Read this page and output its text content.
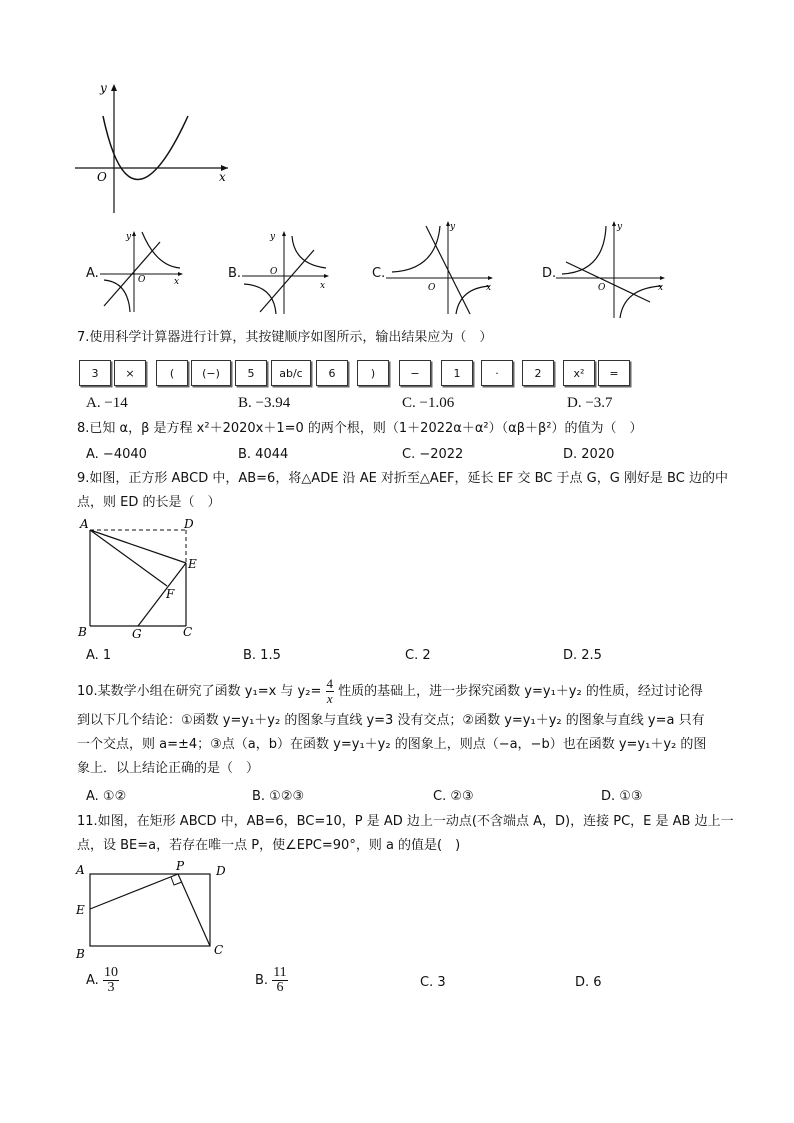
y
x
O
A.
y
x
O	B.
y
x
O	C.
y
x
O
D.
y
x
O
7.使用科学计算器进行计算，其按键顺序如图所示，输出结果应为（　）
3	×	(	(−)	5	ab/c	6	)	−	1	·	2	x²	=
A. −14	B. −3.94	C. −1.06	D. −3.7
8.已知 α，β 是方程 x²＋2020x＋1=0 的两个根，则（1＋2022α＋α²）（αβ＋β²）的值为（　）
A. −4040	B. 4044	C. −2022	D. 2020
9.如图，正方形 ABCD 中，AB=6，将△ADE 沿 AE 对折至△AEF，延长 EF 交 BC 于点 G，G 刚好是 BC 边的中
点，则 ED 的长是（　）
A	D
E
F
B	G	C
A. 1	B. 1.5	C. 2	D. 2.5
10.某数学小组在研究了函数 y₁=x 与 $y_2= \frac{4}{x}$ 性质的基础上，进一步探究函数 y=y₁＋y₂ 的性质，经过讨论得
到以下几个结论：①函数 y=y₁＋y₂ 的图象与直线 y=3 没有交点；②函数 y=y₁＋y₂ 的图象与直线 y=a 只有
一个交点，则 a=±4；③点（a，b）在函数 y=y₁＋y₂ 的图象上，则点（−a，−b）也在函数 y=y₁＋y₂ 的图
象上．以上结论正确的是（　）
A. ①②	B. ①②③	C. ②③	D. ①③
11.如图，在矩形 ABCD 中，AB=6，BC=10，P 是 AD 边上一动点(不含端点 A，D)，连接 PC，E 是 AB 边上一
点，设 BE=a，若存在唯一点 P，使∠EPC=90°，则 a 的值是(　)
A	P	D
E
B	C
A. $\frac{10}{3}$	B. $\frac{11}{6}$	C. 3	D. 6
